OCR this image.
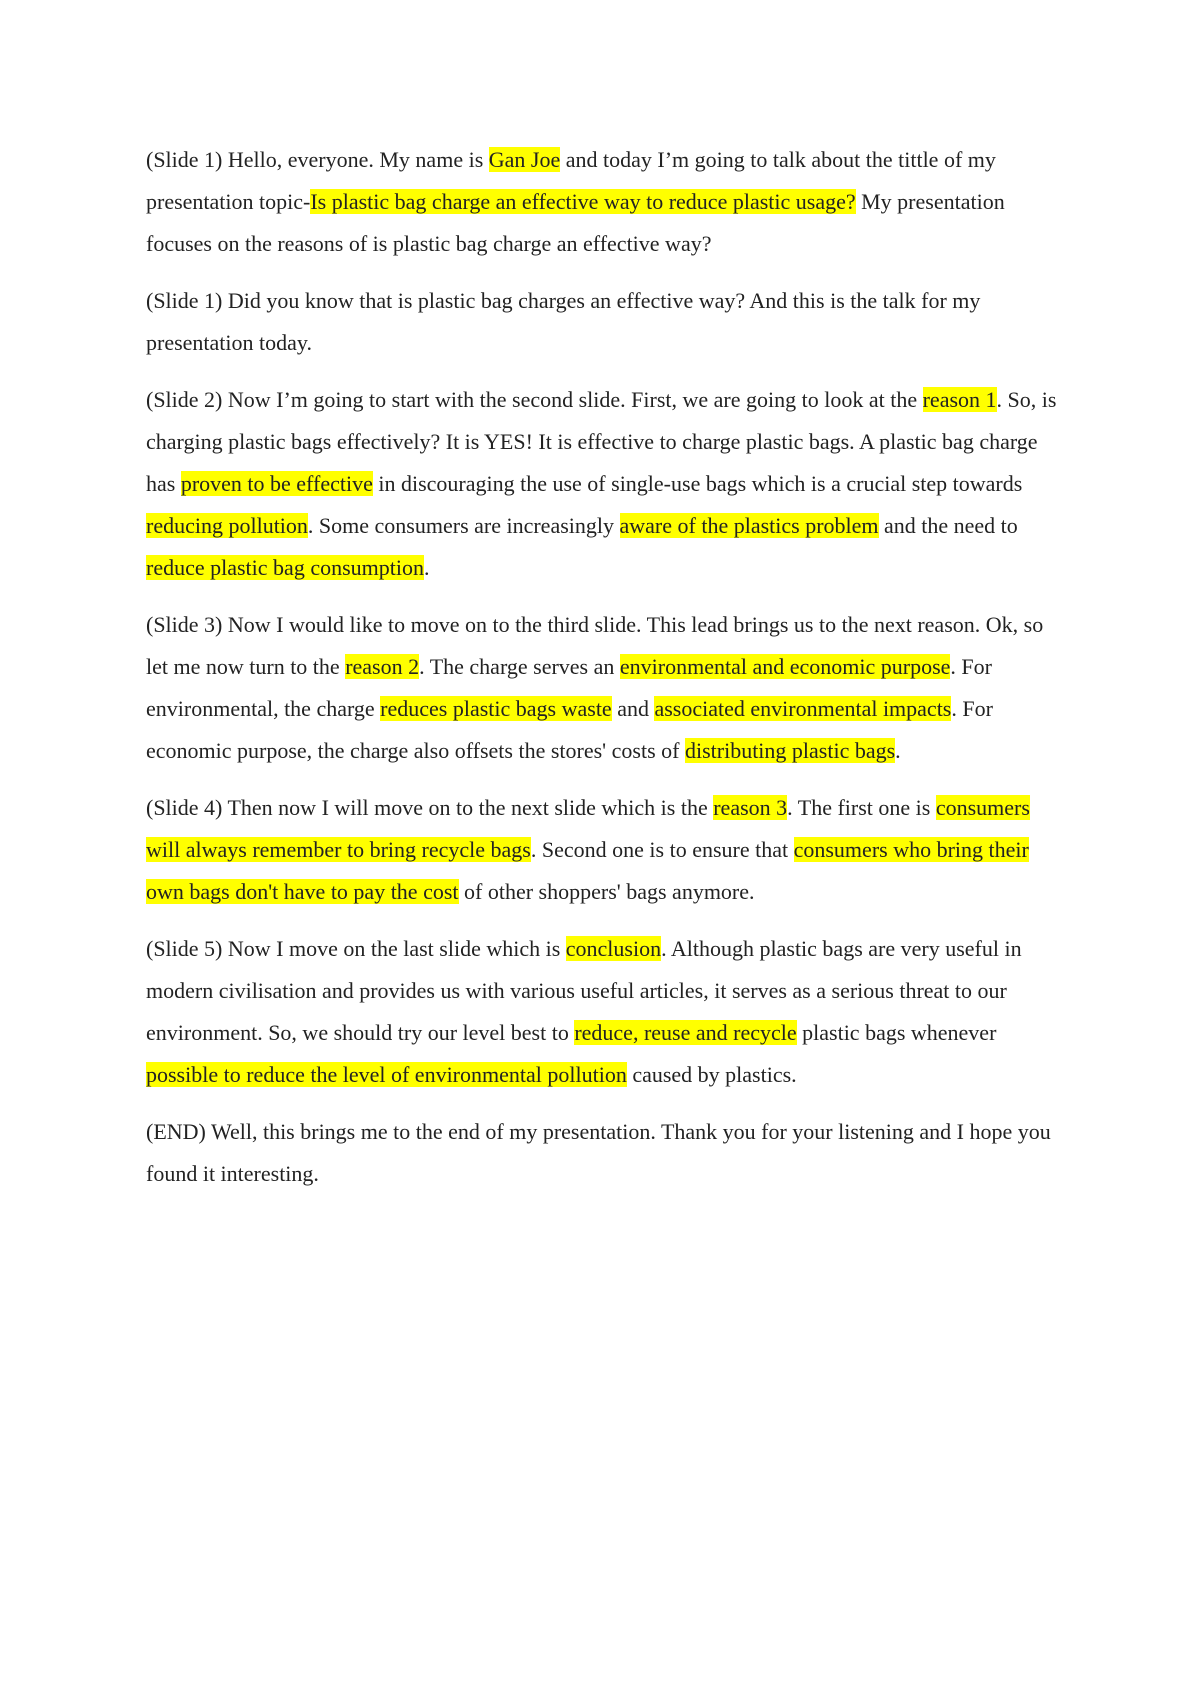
(Slide 1) Hello, everyone. My name is Gan Joe and today I’m going to talk about the tittle of my presentation topic-Is plastic bag charge an effective way to reduce plastic usage? My presentation focuses on the reasons of is plastic bag charge an effective way?

(Slide 1) Did you know that is plastic bag charges an effective way? And this is the talk for my presentation today.

(Slide 2) Now I’m going to start with the second slide. First, we are going to look at the reason 1. So, is charging plastic bags effectively? It is YES! It is effective to charge plastic bags. A plastic bag charge has proven to be effective in discouraging the use of single-use bags which is a crucial step towards reducing pollution. Some consumers are increasingly aware of the plastics problem and the need to reduce plastic bag consumption.

(Slide 3) Now I would like to move on to the third slide. This lead brings us to the next reason. Ok, so let me now turn to the reason 2. The charge serves an environmental and economic purpose. For environmental, the charge reduces plastic bags waste and associated environmental impacts. For economic purpose, the charge also offsets the stores' costs of distributing plastic bags.

(Slide 4) Then now I will move on to the next slide which is the reason 3. The first one is consumers will always remember to bring recycle bags. Second one is to ensure that consumers who bring their own bags don't have to pay the cost of other shoppers' bags anymore.

(Slide 5) Now I move on the last slide which is conclusion. Although plastic bags are very useful in modern civilisation and provides us with various useful articles, it serves as a serious threat to our environment. So, we should try our level best to reduce, reuse and recycle plastic bags whenever possible to reduce the level of environmental pollution caused by plastics.

(END) Well, this brings me to the end of my presentation. Thank you for your listening and I hope you found it interesting.
